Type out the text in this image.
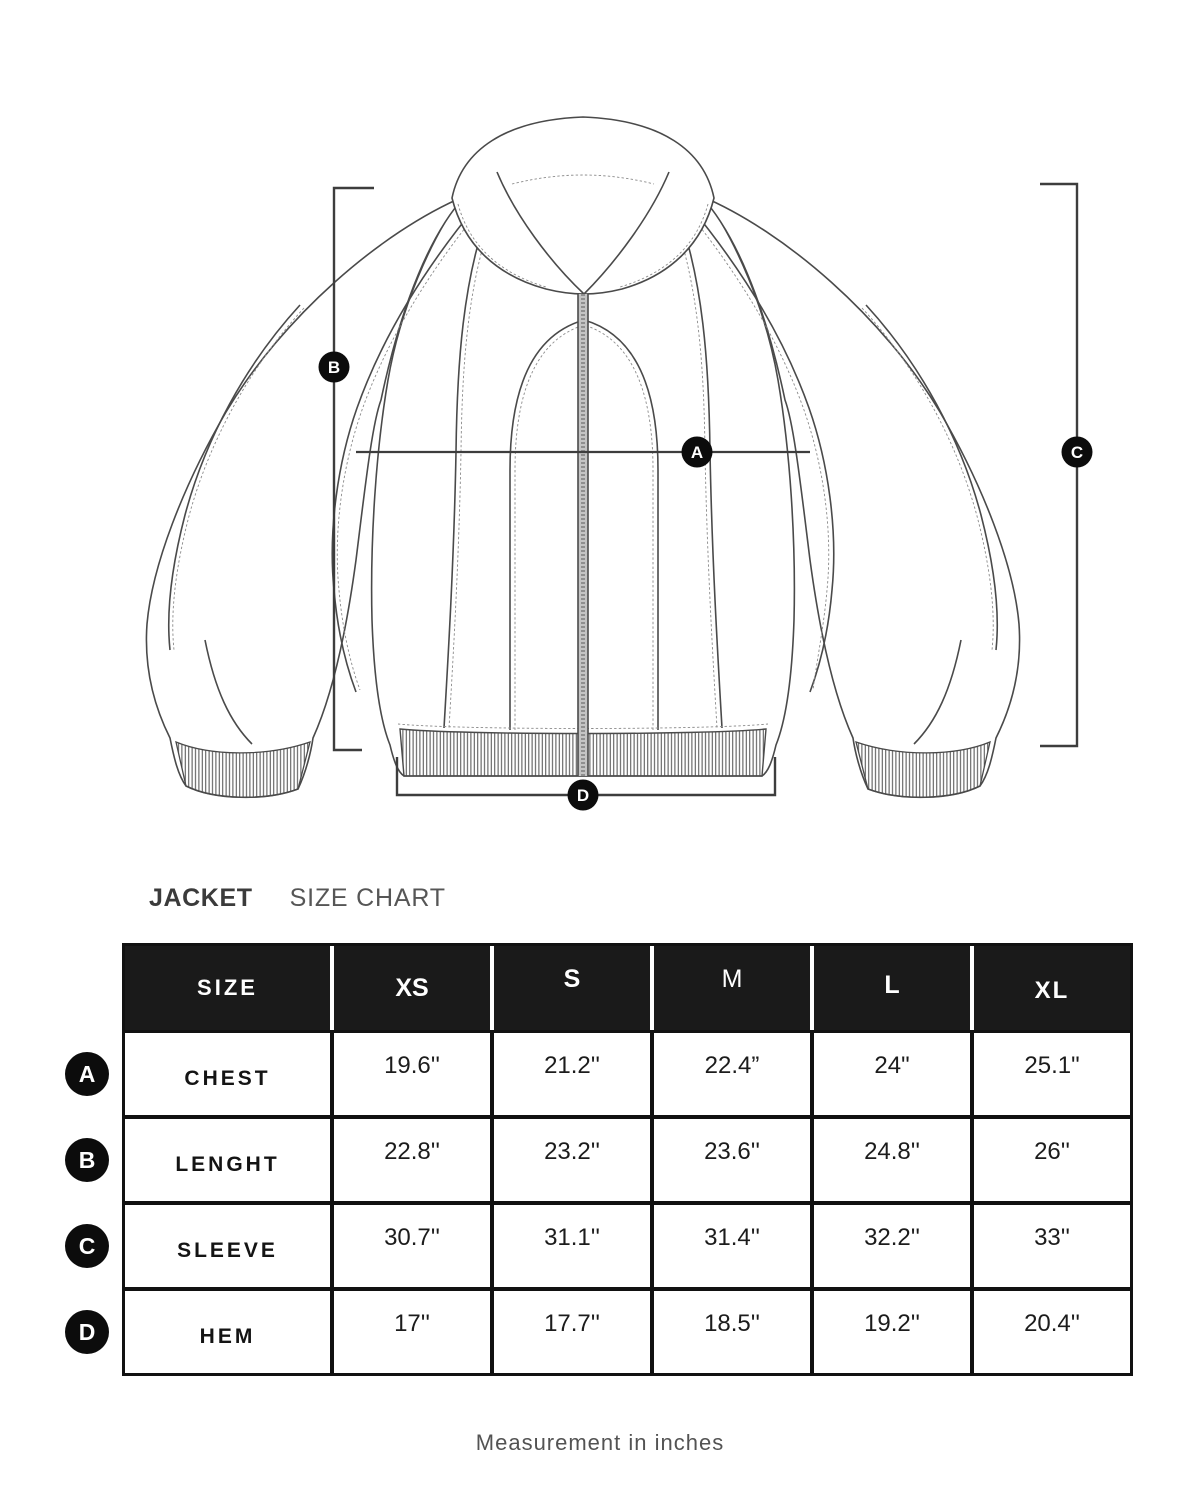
A
B
C
D
JACKET SIZE CHART
SIZE	XS	S	M	L	XL
CHEST	19.6''	21.2''	22.4”	24"	25.1"
LENGHT	22.8''	23.2''	23.6''	24.8''	26''
SLEEVE	30.7''	31.1''	31.4''	32.2''	33''
HEM	17''	17.7''	18.5''	19.2''	20.4''
A
B
C
D
Measurement in inches
